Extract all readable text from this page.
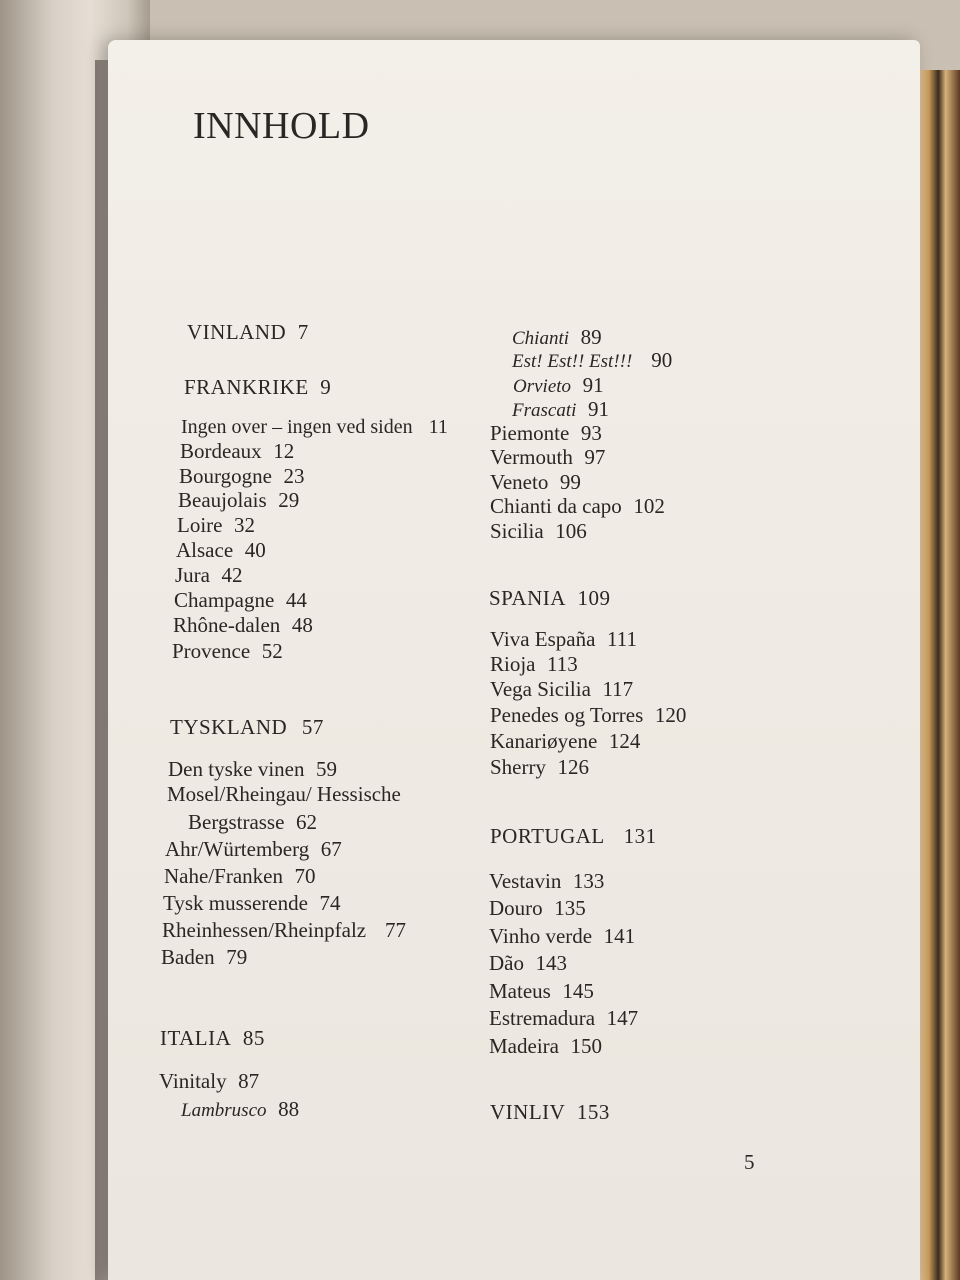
INNHOLD
VINLAND 7
FRANKRIKE 9
Ingen over – ingen ved siden 11
Bordeaux 12
Bourgogne 23
Beaujolais 29
Loire 32
Alsace 40
Jura 42
Champagne 44
Rhône-dalen 48
Provence 52
TYSKLAND 57
Den tyske vinen 59
Mosel/Rheingau/ Hessische
Bergstrasse 62
Ahr/Würtemberg 67
Nahe/Franken 70
Tysk musserende 74
Rheinhessen/Rheinpfalz 77
Baden 79
ITALIA 85
Vinitaly 87
Lambrusco 88
Chianti 89
Est! Est!! Est!!! 90
Orvieto 91
Frascati 91
Piemonte 93
Vermouth 97
Veneto 99
Chianti da capo 102
Sicilia 106
SPANIA 109
Viva España 111
Rioja 113
Vega Sicilia 117
Penedes og Torres 120
Kanariøyene 124
Sherry 126
PORTUGAL 131
Vestavin 133
Douro 135
Vinho verde 141
Dão 143
Mateus 145
Estremadura 147
Madeira 150
VINLIV 153
5
